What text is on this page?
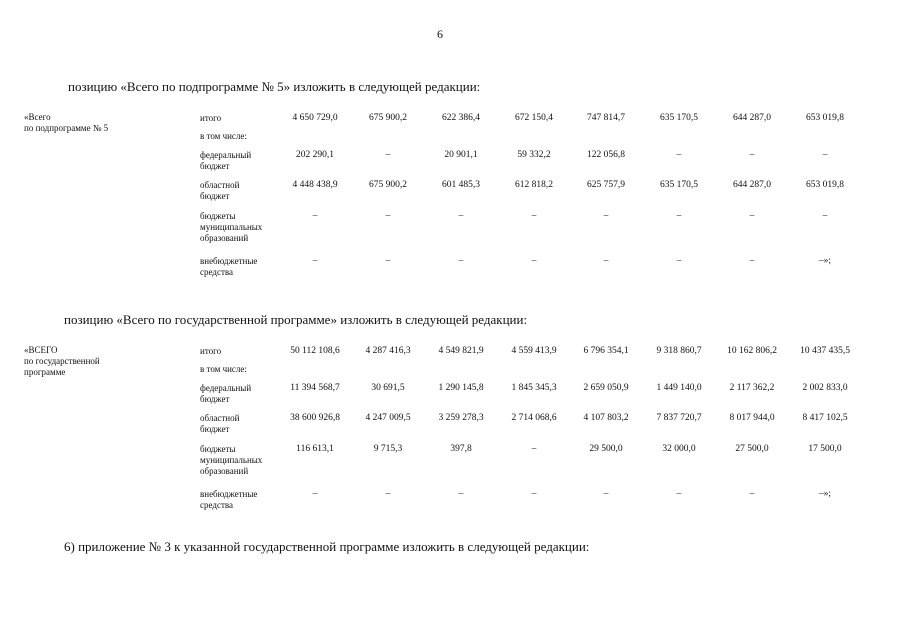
6
позицию «Всего по подпрограмме № 5» изложить в следующей редакции:
«Всего
по подпрограмме № 5
итого	4 650 729,0	675 900,2	622 386,4	672 150,4	747 814,7	635 170,5	644 287,0	653 019,8
в том числе:
федеральный
бюджет
202 290,1	–	20 901,1	59 332,2	122 056,8	–	–	–
областной
бюджет
4 448 438,9	675 900,2	601 485,3	612 818,2	625 757,9	635 170,5	644 287,0	653 019,8
бюджеты
муниципальных
образований
–	–	–	–	–	–	–	–
внебюджетные
средства
–	–	–	–	–	–	–	–»;
позицию «Всего по государственной программе» изложить в следующей редакции:
«ВСЕГО
по государственной
программе
итого	50 112 108,6	4 287 416,3	4 549 821,9	4 559 413,9	6 796 354,1	9 318 860,7	10 162 806,2	10 437 435,5
в том числе:
федеральный
бюджет
11 394 568,7	30 691,5	1 290 145,8	1 845 345,3	2 659 050,9	1 449 140,0	2 117 362,2	2 002 833,0
областной
бюджет
38 600 926,8	4 247 009,5	3 259 278,3	2 714 068,6	4 107 803,2	7 837 720,7	8 017 944,0	8 417 102,5
бюджеты
муниципальных
образований
116 613,1	9 715,3	397,8	–	29 500,0	32 000,0	27 500,0	17 500,0
внебюджетные
средства
–	–	–	–	–	–	–	–»;
6) приложение № 3 к указанной государственной программе изложить в следующей редакции:
